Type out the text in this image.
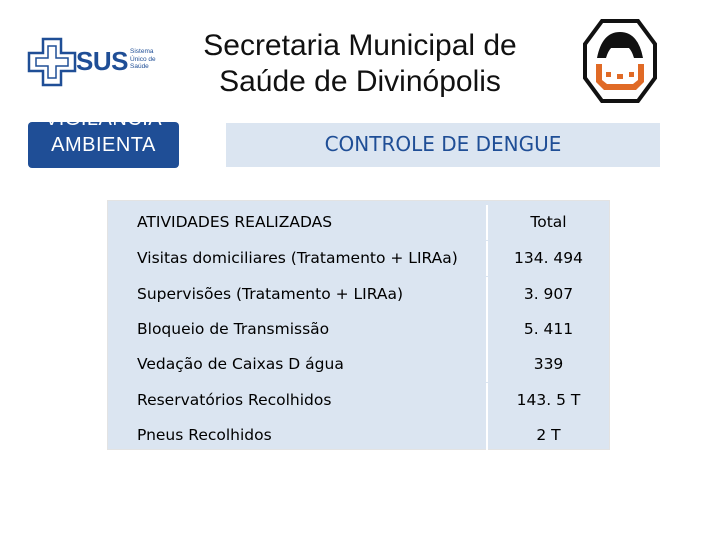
SUS Sistema Único de Saúde
Secretaria Municipal de
Saúde de Divinópolis
VIGILÂNCIA
AMBIENTA	CONTROLE DE DENGUE
ATIVIDADES REALIZADAS	Total
Visitas domiciliares (Tratamento + LIRAa)	134. 494
Supervisões (Tratamento + LIRAa)	3. 907
Bloqueio de Transmissão	5. 411
Vedação de Caixas D água	339
Reservatórios Recolhidos	143. 5 T
Pneus Recolhidos	2 T
